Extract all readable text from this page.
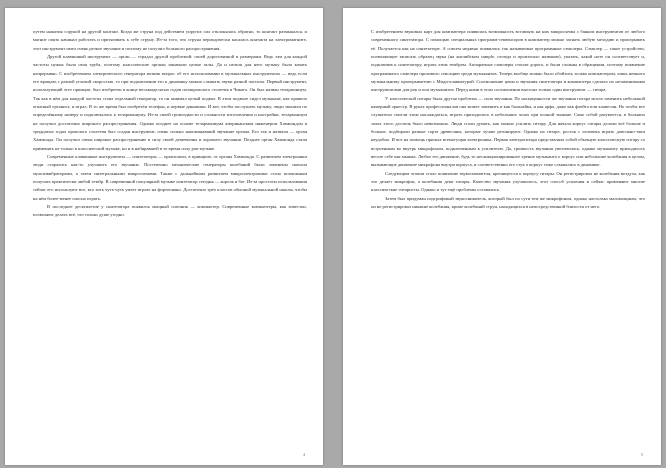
путем нажатия сорукой на другой контакт. Когда же струна под действием упругих сил отклонялась обратно, то контакт размыкался, и магнит опять начинал работать и притягивать к себе струну. Из-за того, что струна периодически касалась контакта на электромагните, этот инструмент имел очень резкое звучание и поэтому не получил большого распространения.

Другой клавишный инструмент — орган — страдал другой проблемой: своей дороговизной и размерами. Ведь там для каждой частоты нужна была своя труба, поэтому классические органы занимали целые залы. Да и нельзя для него музыку было качать непрерывно. С изобретением электрического генератора возник вопрос об его использовании в музыкальных инструментах — ведь если его вращать с разной угловой скоростью, то при подключении его к динамику можно слышать звуки разной частоты. Первый инструмент, использующий этот принцип, был изобретен в конце восьмидесятых годов позапрошлого столетия в Чикаго. Он был назван телармониум. Так как в нём для каждой частоты стоял отдельный генератор, то он занимал целый подвал. В этом подвале сидел музыкант, как правило опытный органист, и играл. В то же время был изобретён телефон, и первые динамики. И вот, чтобы послушать музыку, люди звонили по определённому номеру и подключались к телармониуму. Из-за своей громоздкости и сложности изготовления и настройки, телармониум не получил достаточно широкого распространения. Однако позднее на основе телармониума американским инженером Хаммондом в тридцатых годах прошлого столетия был создан инструмент, очень сильно напоминавший звучание органа. Его так и назвали — орган Хаммонда. Он получил очень широкое распространение в силу своей дешевизны и хорошего звучания. Позднее орган Хаммонда стали применять не только в классической музыке, но и в набиравшей в то время силу рок-музыке.

Современные клавишные инструменты — синтезаторы — произошли, в принципе, от органа Хаммонда. С развитием электроники люди старались как-то улучшить его звучание. Постепенно механические генераторы колебаний были заменены сначала мультивибраторами, а затем интегральными микросхемами. Также с дальнейшим развитием микроэлектроники стало возможным получать практически любой тембр. В современной популярной музыке синтезатор сегодня — король и бог. Из-за простоты использования сейчас его используют все, кто хоть чуть-чуть умеет играть на фортепиано. Достаточно трёх классов обычной музыкальной школы, чтобы на нём более-менее сносно играть.

В последнее десятилетие у синтезатора появился мощный союзник — компьютер. Современные компьютеры, как известно, позволяют делать всё, что только душе угодно.

4

С изобретением звуковых карт для компьютера появилась возможность вставлять на них микросхемы с банком инструментов от любого современного синтезатора. С помощью специальных программ-секвенсоров в компьютер можно загнать любую мелодию и проигрывать её. Получается как на синтезаторе. А совсем недавно появились так называемые программные сэмплеры. Сэмплер — такое устройство, позволяющее записать образец звука (на английском sample, отсюда и произошло название), указать, какой ноте он соответствует и, подключив к синтезатору, играть этим тембром. Аппаратные сэмплеры стоили дорого, и были сложны в обращении, поэтому появление программного сэмплера произвело сенсацию среди музыкантов. Теперь вообще можно было обойтись только компьютером, лишь немного музыкальному проигрывателю с Миди-клавиатурой. Соотношение цены и звучания синтезатора и компьютера сделало их незаменимыми инструментами для рок и поп музыкантов. Перед ними в этом соотношении выстоял только один инструмент — гитара.

У классической гитары была другая проблема — сила звучания. По насыщенности же звучания гитара могла заменить небольшой камерный оркестр. В руках профессионалов она может заменить и как балалайка, и как арфа, даже как флейта или клавесин. Но чтобы все слушатели смогли этим наслаждаться, играть приходилось в небольших залах при полной тишине. Само собой разумеется, в больших залах этого достичь было невозможно. Люди стали думать, как можно усилить гитару. Для начала корпус гитары делали всё больше и больше, подбирали разные сорта древесины, которые лучше резонируют. Однако на гитаре, росток с человека играть довольно-таки неудобно. И вот на помощь пришла всемогущая электроника. Первая электрогитара представляла собой обычную классическую гитару со встроенным во внутрь микрофоном, подключенным к усилителю. Да, громкость звучания увеличилась, однако музыканту приходилось весьте себе как мышка. Любое его движение, будь то несанкционированное трение музыканта о корпус или небольшие колебания в целом, вызывающие движение микрофона внутри корпуса, и соответственно его стук о корпус тоже слышались в динамике.

Следующим этапом стало появление звукоснимателя, крепящегося к корпусу гитары. Он регистрировал не колебания воздуха, как это делает микрофон, а колебания деки гитары. Качество звучания улучшилось, этот способ усиления и сейчас применяют многие классические гитаристы. Однако и тут ещё проблемы оставались.

Затем был придуман подгрифовый звукосниматель, который был по сути тем же микрофоном, однако настолько маломощным, что он не регистрировал никакие колебания, кроме колебаний струн, находящихся в непосредственной близости от него.

5
